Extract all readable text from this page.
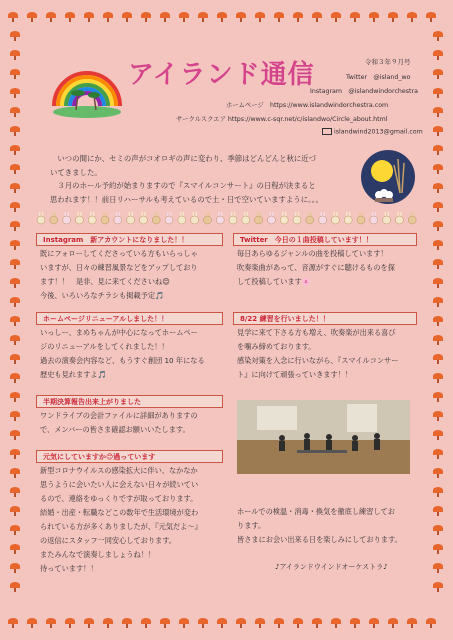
アイランド通信	令和３年９月号
Twitter　@island_wo
Instagram　@islandwindorchestra
ホームページ　https://www.islandwindorchestra.com
サークルスクエア https://www.c-sqr.net/c/islandwo/Circle_about.html
islandwind2013@gmail.com

　いつの間にか、セミの声がコオロギの声に変わり、季節はどんどんと秋に近づ

いてきました。

　３月のホール予約が始まりますので『スマイルコンサート』の日程が決まると

思われます！！前日リハーサルも考えているので土・日で空いていますように。。。

Instagram　新アカウントになりました！！

既にフォローしてくださっている方もいらっしゃ

いますが、日々の練習風景などをアップしており

ます！！　是非、見に来てくださいね😊

今後、いろいろなチラシも掲載予定🎵

ホームページリニューアルしました！！

いっしー、まめちゃんが中心になってホームペー

ジのリニューアルをしてくれました！！

過去の演奏会内容など、もうすぐ創団 10 年になる

歴史も見れますよ🎵

半期決算報告出来上がりました

ワンドライブの会計ファイルに詳細がありますの

で、メンバーの皆さま確認お願いいたします。

元気にしていますか😊過っています

新型コロナウイルスの感染拡大に伴い、なかなか

思うように会いたい人に会えない日々が続いてい

るので、連絡をゆっくりですが取っております。

結婚・出産・転職などこの数年で生活環境が変わ

られている方が多くありましたが、『元気だよ～』

の返信にスタッフ一同安心しております。

またみんなで演奏しましょうね！！

待っています！！

Twitter　今日の１曲投稿しています！！

毎日あらゆるジャンルの曲を投稿しています！

吹奏楽曲があって、音源がすぐに聴けるものを探

して投稿しています🌸

8/22 練習を行いました！！

見学に来て下さる方も増え、吹奏楽が出来る喜び

を噛み締めております。

感染対策を入念に行いながら、『スマイルコンサー

ト』に向けて頑張っていきます！！

ホールでの検温・消毒・換気を徹底し練習してお

ります。

皆さまにお会い出来る日を楽しみにしております。

♪アイランドウインドオーケストラ♪
